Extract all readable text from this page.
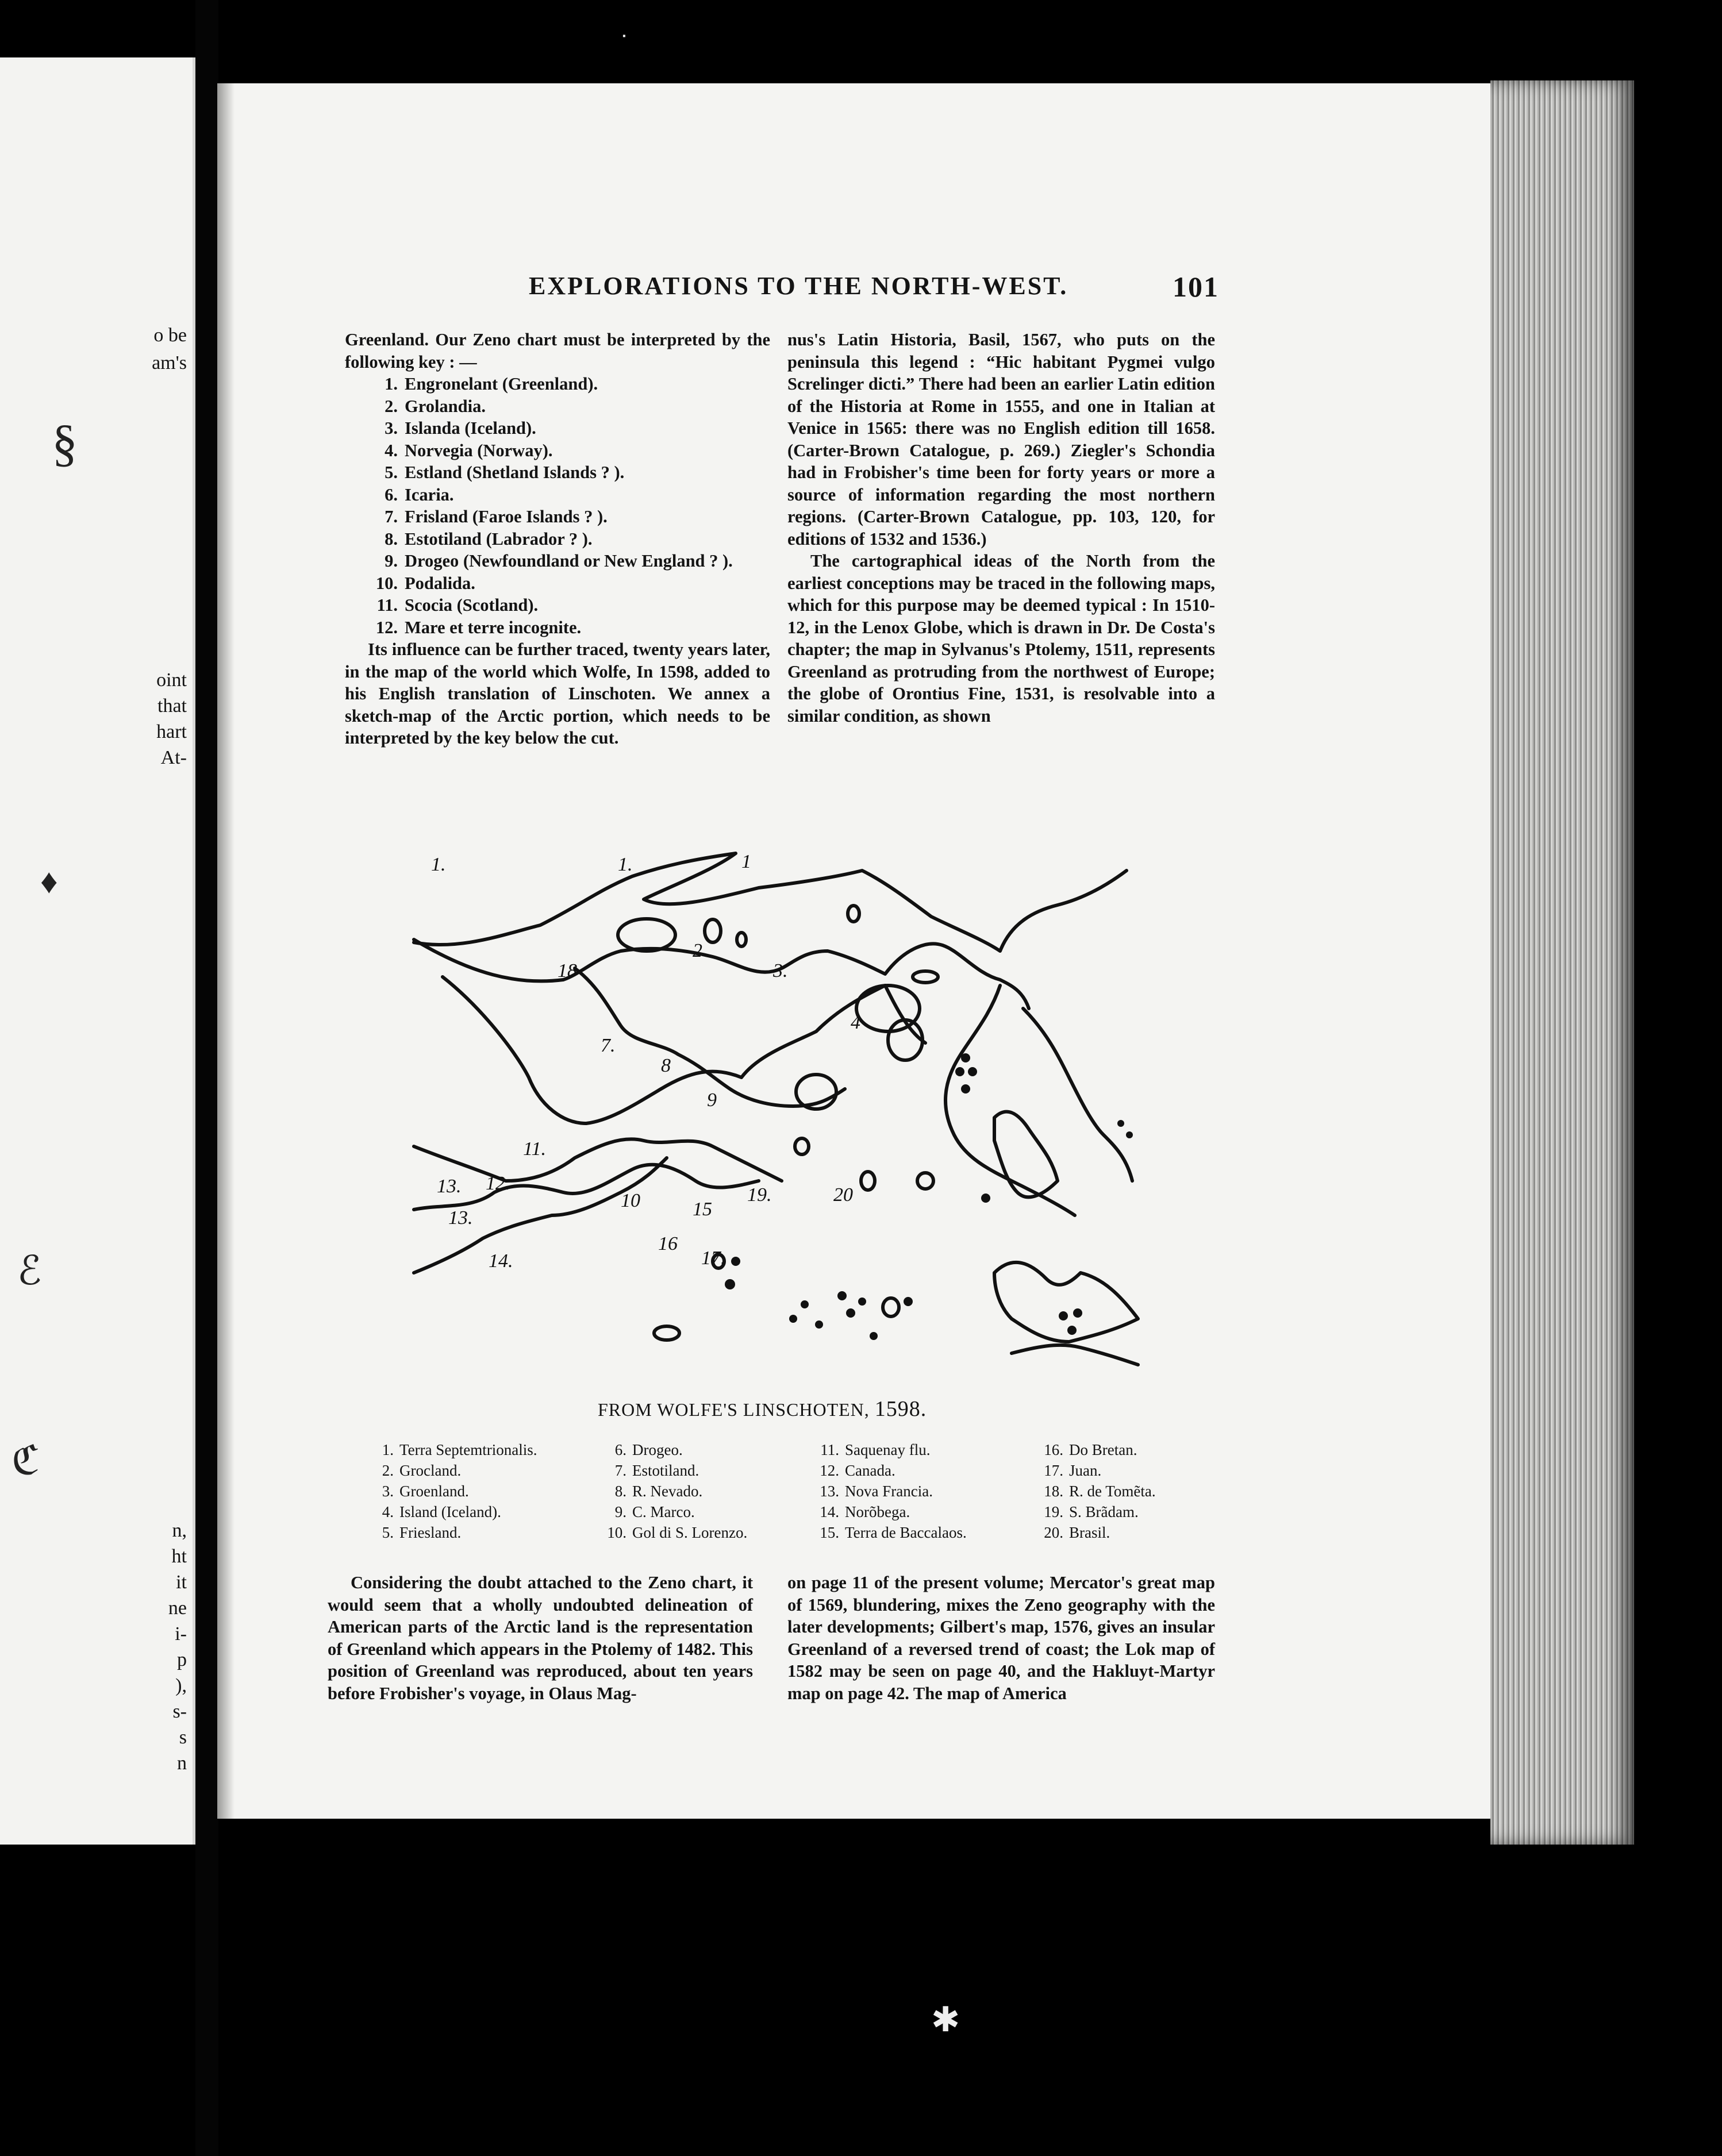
o be
am's
oint
that
hart
At-
n,
ht
it
ne
i-
p
),
s-
s
n
§
♦
ℰ
ℭ
EXPLORATIONS TO THE NORTH-WEST.	101

Greenland. Our Zeno chart must be interpreted by the following key : —

1. Engronelant (Greenland).
2. Grolandia.
3. Islanda (Iceland).
4. Norvegia (Norway).
5. Estland (Shetland Islands ? ).
6. Icaria.
7. Frisland (Faroe Islands ? ).
8. Estotiland (Labrador ? ).
9. Drogeo (Newfoundland or New England ? ).
10. Podalida.
11. Scocia (Scotland).
12. Mare et terre incognite.

Its influence can be further traced, twenty years later, in the map of the world which Wolfe, In 1598, added to his English translation of Linschoten. We annex a sketch-map of the Arctic portion, which needs to be interpreted by the key below the cut.

nus's Latin Historia, Basil, 1567, who puts on the peninsula this legend : “Hic habitant Pygmei vulgo Screlinger dicti.” There had been an earlier Latin edition of the Historia at Rome in 1555, and one in Italian at Venice in 1565: there was no English edition till 1658. (Carter-Brown Catalogue, p. 269.) Ziegler's Schondia had in Frobisher's time been for forty years or more a source of information regarding the most northern regions. (Carter-Brown Catalogue, pp. 103, 120, for editions of 1532 and 1536.)

The cartographical ideas of the North from the earliest conceptions may be traced in the following maps, which for this purpose may be deemed typical : In 1510-12, in the Lenox Globe, which is drawn in Dr. De Costa's chapter; the map in Sylvanus's Ptolemy, 1511, represents Greenland as protruding from the northwest of Europe; the globe of Orontius Fine, 1531, is resolvable into a similar condition, as shown

1.	1.	1
2
3.
4
7.
8
9
18
11.
13. 12.
13.
14.
10	15
16
17.
19.	20
FROM WOLFE'S LINSCHOTEN, 1598.
1. Terra Septemtrionalis.
2. Grocland.
3. Groenland.
4. Island (Iceland).
5. Friesland.
6. Drogeo.
7. Estotiland.
8. R. Nevado.
9. C. Marco.
10. Gol di S. Lorenzo.
11. Saquenay flu.
12. Canada.
13. Nova Francia.
14. Norõbega.
15. Terra de Baccalaos.
16. Do Bretan.
17. Juan.
18. R. de Tomẽta.
19. S. Brãdam.
20. Brasil.

Considering the doubt attached to the Zeno chart, it would seem that a wholly undoubted delineation of American parts of the Arctic land is the representation of Greenland which appears in the Ptolemy of 1482. This position of Greenland was reproduced, about ten years before Frobisher's voyage, in Olaus Mag-

on page 11 of the present volume; Mercator's great map of 1569, blundering, mixes the Zeno geography with the later developments; Gilbert's map, 1576, gives an insular Greenland of a reversed trend of coast; the Lok map of 1582 may be seen on page 40, and the Hakluyt-Martyr map on page 42. The map of America

ᐧ
✱
